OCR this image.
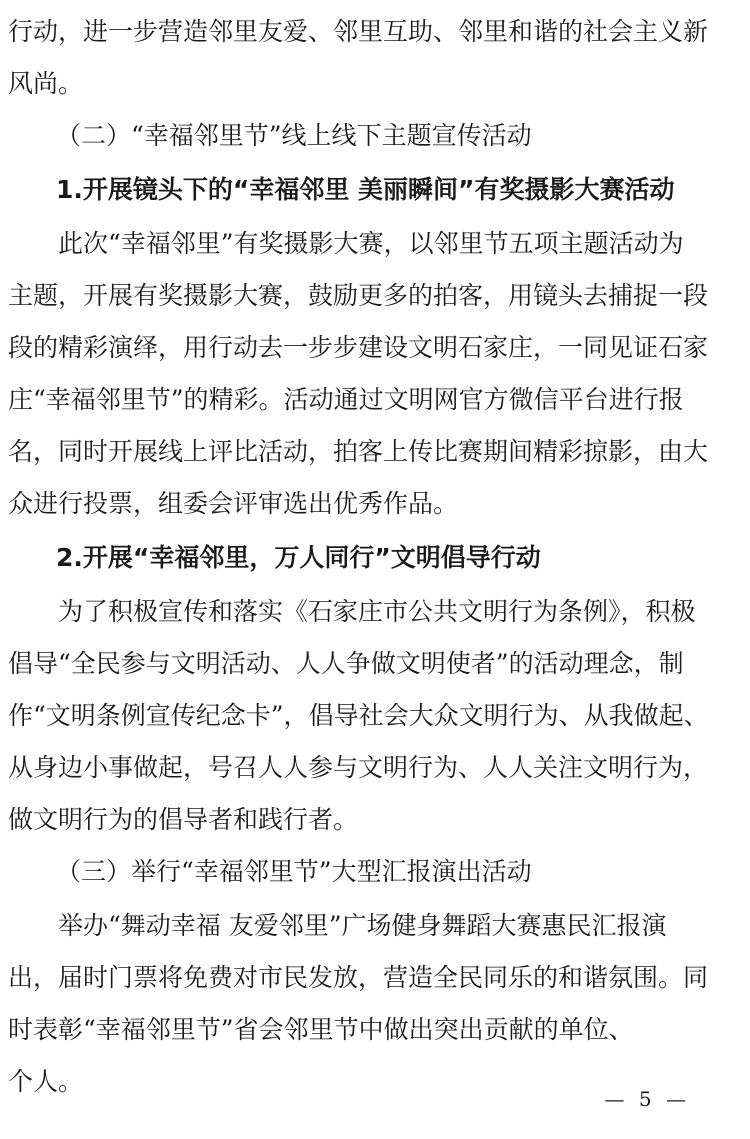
行动，进一步营造邻里友爱、邻里互助、邻里和谐的社会主义新
风尚。
（二）“幸福邻里节”线上线下主题宣传活动
1.开展镜头下的“幸福邻里 美丽瞬间”有奖摄影大赛活动
此次“幸福邻里”有奖摄影大赛，以邻里节五项主题活动为
主题，开展有奖摄影大赛，鼓励更多的拍客，用镜头去捕捉一段
段的精彩演绎，用行动去一步步建设文明石家庄，一同见证石家
庄“幸福邻里节”的精彩。活动通过文明网官方微信平台进行报
名，同时开展线上评比活动，拍客上传比赛期间精彩掠影，由大
众进行投票，组委会评审选出优秀作品。
2.开展“幸福邻里，万人同行”文明倡导行动
为了积极宣传和落实《石家庄市公共文明行为条例》，积极
倡导“全民参与文明活动、人人争做文明使者”的活动理念，制
作“文明条例宣传纪念卡”，倡导社会大众文明行为、从我做起、
从身边小事做起，号召人人参与文明行为、人人关注文明行为，
做文明行为的倡导者和践行者。
（三）举行“幸福邻里节”大型汇报演出活动
举办“舞动幸福 友爱邻里”广场健身舞蹈大赛惠民汇报演
出，届时门票将免费对市民发放，营造全民同乐的和谐氛围。同
时表彰“幸福邻里节”省会邻里节中做出突出贡献的单位、
个人。
— 5 —
